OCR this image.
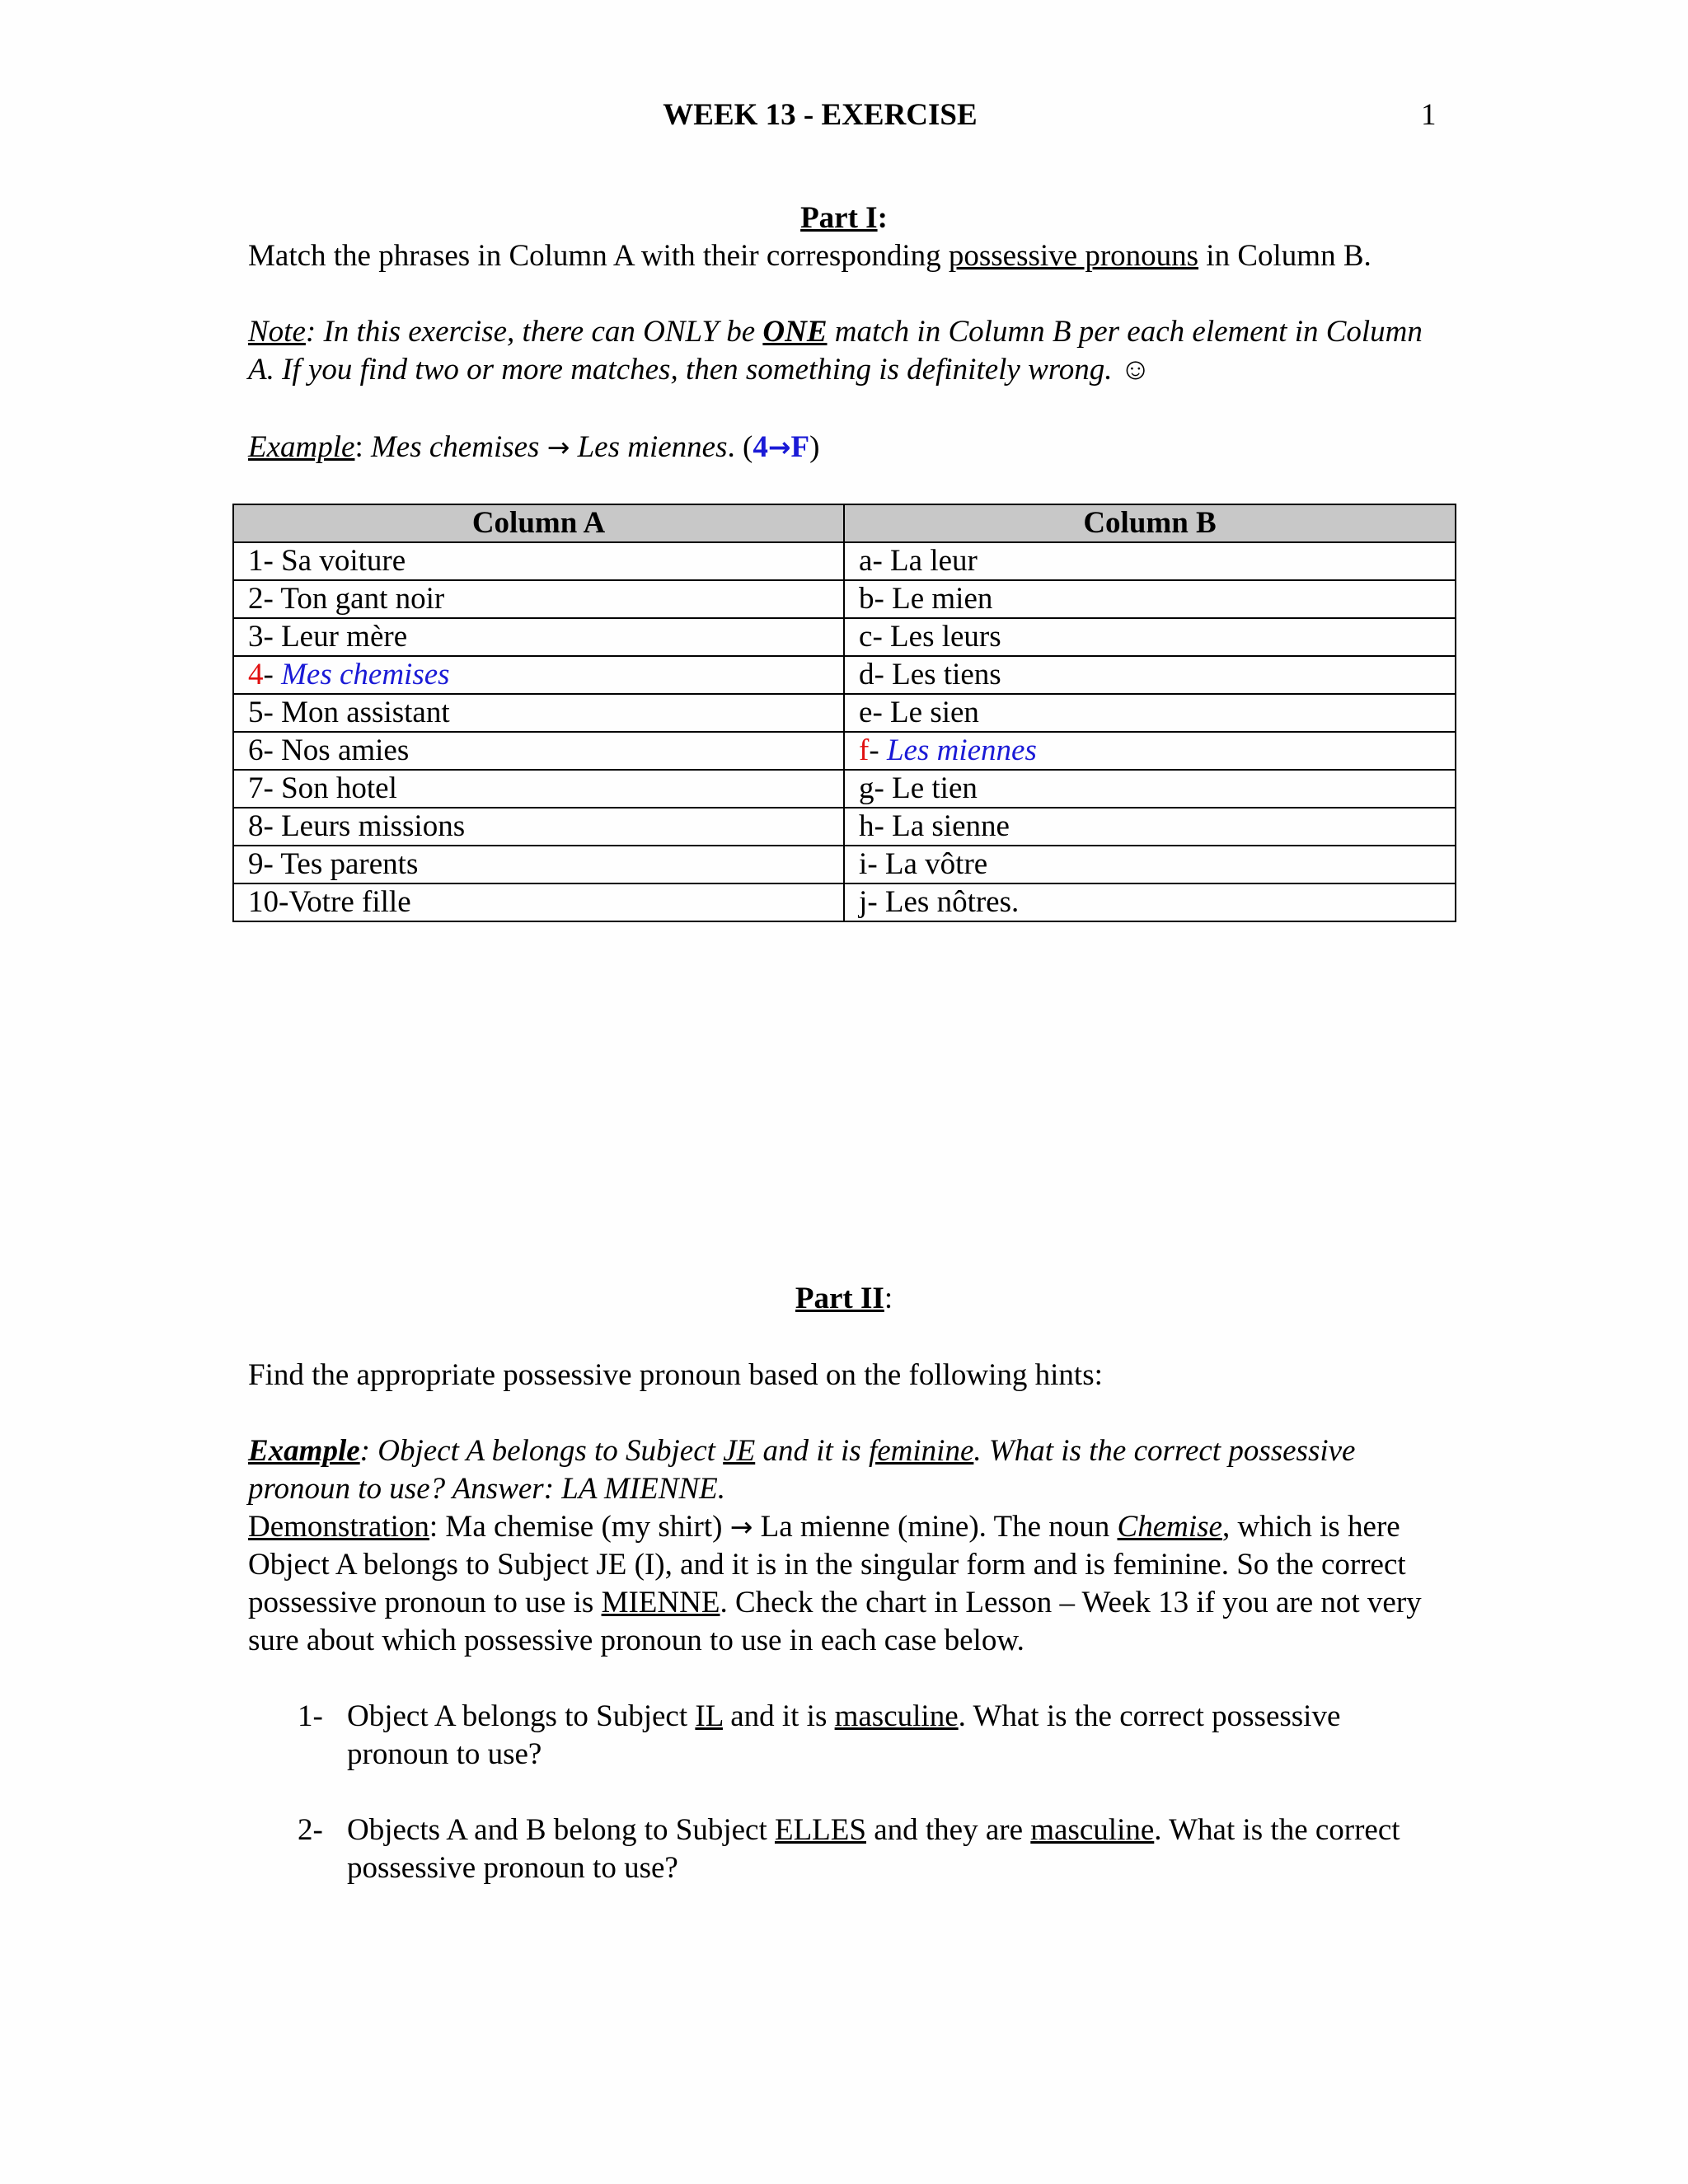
WEEK 13 - EXERCISE	1
Part I:
Match the phrases in Column A with their corresponding possessive pronouns in Column B.
Note: In this exercise, there can ONLY be ONE match in Column B per each element in Column A. If you find two or more matches, then something is definitely wrong. ☺
Example: Mes chemises → Les miennes. (4→F)
Column A	Column B
1- Sa voiture	a- La leur
2- Ton gant noir	b- Le mien
3- Leur mère	c- Les leurs
4- Mes chemises	d- Les tiens
5- Mon assistant	e- Le sien
6- Nos amies	f- Les miennes
7- Son hotel	g- Le tien
8- Leurs missions	h- La sienne
9- Tes parents	i- La vôtre
10-Votre fille	j- Les nôtres.
Part II:
Find the appropriate possessive pronoun based on the following hints:
Example: Object A belongs to Subject JE and it is feminine. What is the correct possessive pronoun to use? Answer: LA MIENNE.
Demonstration: Ma chemise (my shirt) → La mienne (mine). The noun Chemise, which is here Object A belongs to Subject JE (I), and it is in the singular form and is feminine. So the correct possessive pronoun to use is MIENNE. Check the chart in Lesson – Week 13 if you are not very sure about which possessive pronoun to use in each case below.
1- Object A belongs to Subject IL and it is masculine. What is the correct possessive pronoun to use?
2- Objects A and B belong to Subject ELLES and they are masculine. What is the correct possessive pronoun to use?
